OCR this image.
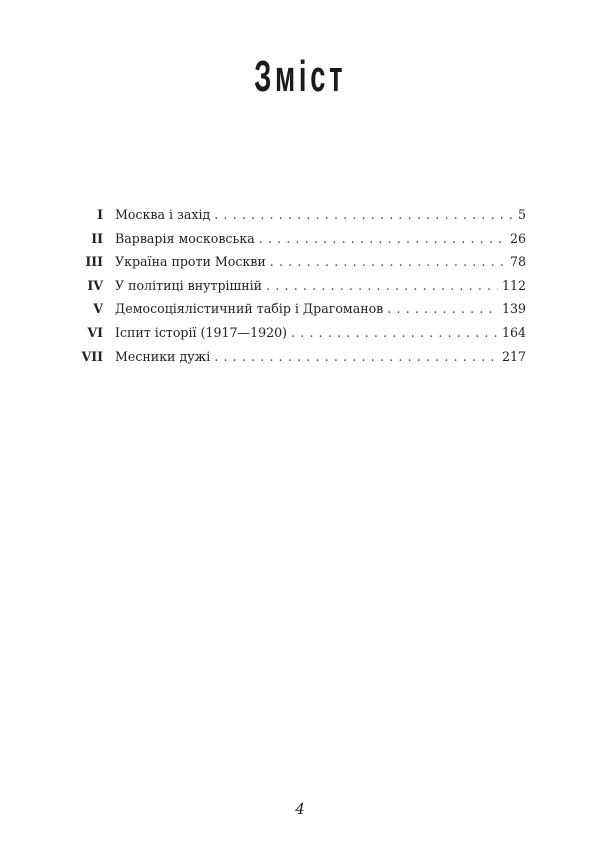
Зміст
I Москва і захід . . .	5
II Варварія московська . . .	26
III Україна проти Москви . . .	78
IV У політиці внутрішній . . .	112
V Демосоціялістичний табір і Драгоманов . . .	139
VI Іспит історії (1917—1920) . . .	164
VII Месники дужі . . .	217
4
